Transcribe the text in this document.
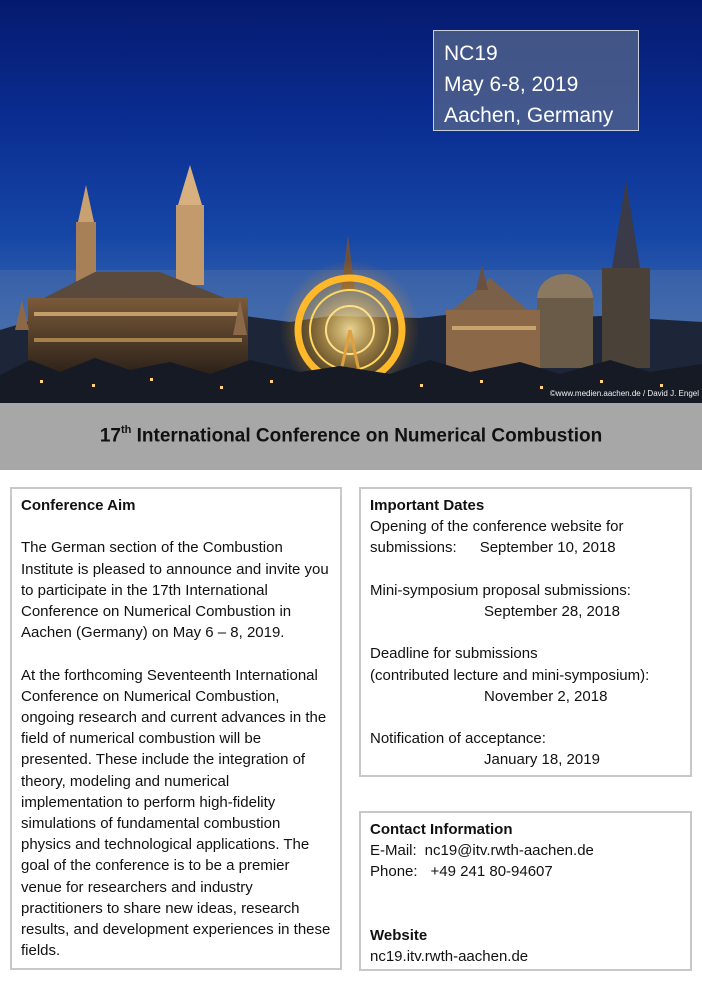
NC19
May 6-8, 2019
Aachen, Germany
©www.medien.aachen.de / David J. Engel
17th International Conference on Numerical Combustion

Conference Aim

The German section of the Combustion Institute is pleased to announce and invite you to participate in the 17th International Conference on Numerical Combustion in Aachen (Germany) on May 6 – 8, 2019.

At the forthcoming Seventeenth International Conference on Numerical Combustion, ongoing research and current advances in the field of numerical combustion will be presented. These include the integration of theory, modeling and numerical implementation to perform high-fidelity simulations of fundamental combustion physics and technological applications. The goal of the conference is to be a premier venue for researchers and industry practitioners to share new ideas, research results, and development experiences in these fields.

Important Dates

Opening of the conference website for

submissions: September 10, 2018

Mini-symposium proposal submissions:

September 28, 2018

Deadline for submissions

(contributed lecture and mini-symposium):

November 2, 2018

Notification of acceptance:

January 18, 2019

Contact Information

E-Mail: nc19@itv.rwth-aachen.de

Phone: +49 241 80-94607

Website

nc19.itv.rwth-aachen.de
